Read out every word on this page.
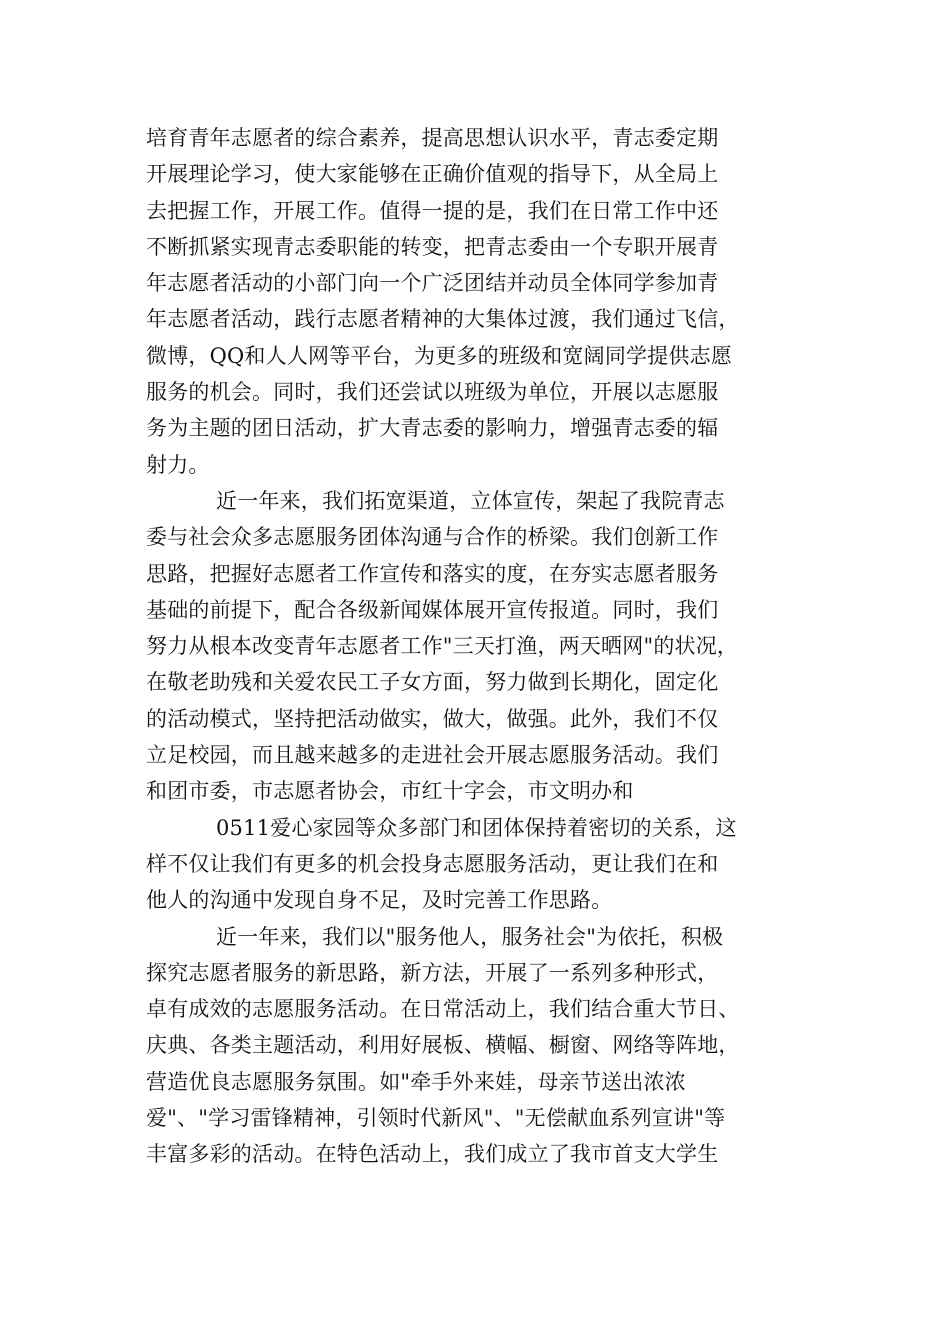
培育青年志愿者的综合素养，提高思想认识水平，青志委定期
开展理论学习，使大家能够在正确价值观的指导下，从全局上
去把握工作，开展工作。值得一提的是，我们在日常工作中还
不断抓紧实现青志委职能的转变，把青志委由一个专职开展青
年志愿者活动的小部门向一个广泛团结并动员全体同学参加青
年志愿者活动，践行志愿者精神的大集体过渡，我们通过飞信，
微博，QQ和人人网等平台，为更多的班级和宽阔同学提供志愿
服务的机会。同时，我们还尝试以班级为单位，开展以志愿服
务为主题的团日活动，扩大青志委的影响力，增强青志委的辐
射力。
近一年来，我们拓宽渠道，立体宣传，架起了我院青志
委与社会众多志愿服务团体沟通与合作的桥梁。我们创新工作
思路，把握好志愿者工作宣传和落实的度，在夯实志愿者服务
基础的前提下，配合各级新闻媒体展开宣传报道。同时，我们
努力从根本改变青年志愿者工作"三天打渔，两天晒网"的状况，
在敬老助残和关爱农民工子女方面，努力做到长期化，固定化
的活动模式，坚持把活动做实，做大，做强。此外，我们不仅
立足校园，而且越来越多的走进社会开展志愿服务活动。我们
和团市委，市志愿者协会，市红十字会，市文明办和
0511爱心家园等众多部门和团体保持着密切的关系，这
样不仅让我们有更多的机会投身志愿服务活动，更让我们在和
他人的沟通中发现自身不足，及时完善工作思路。
近一年来，我们以"服务他人，服务社会"为依托，积极
探究志愿者服务的新思路，新方法，开展了一系列多种形式，
卓有成效的志愿服务活动。在日常活动上，我们结合重大节日、
庆典、各类主题活动，利用好展板、横幅、橱窗、网络等阵地，
营造优良志愿服务氛围。如"牵手外来娃，母亲节送出浓浓
爱"、"学习雷锋精神，引领时代新风"、"无偿献血系列宣讲"等
丰富多彩的活动。在特色活动上，我们成立了我市首支大学生
